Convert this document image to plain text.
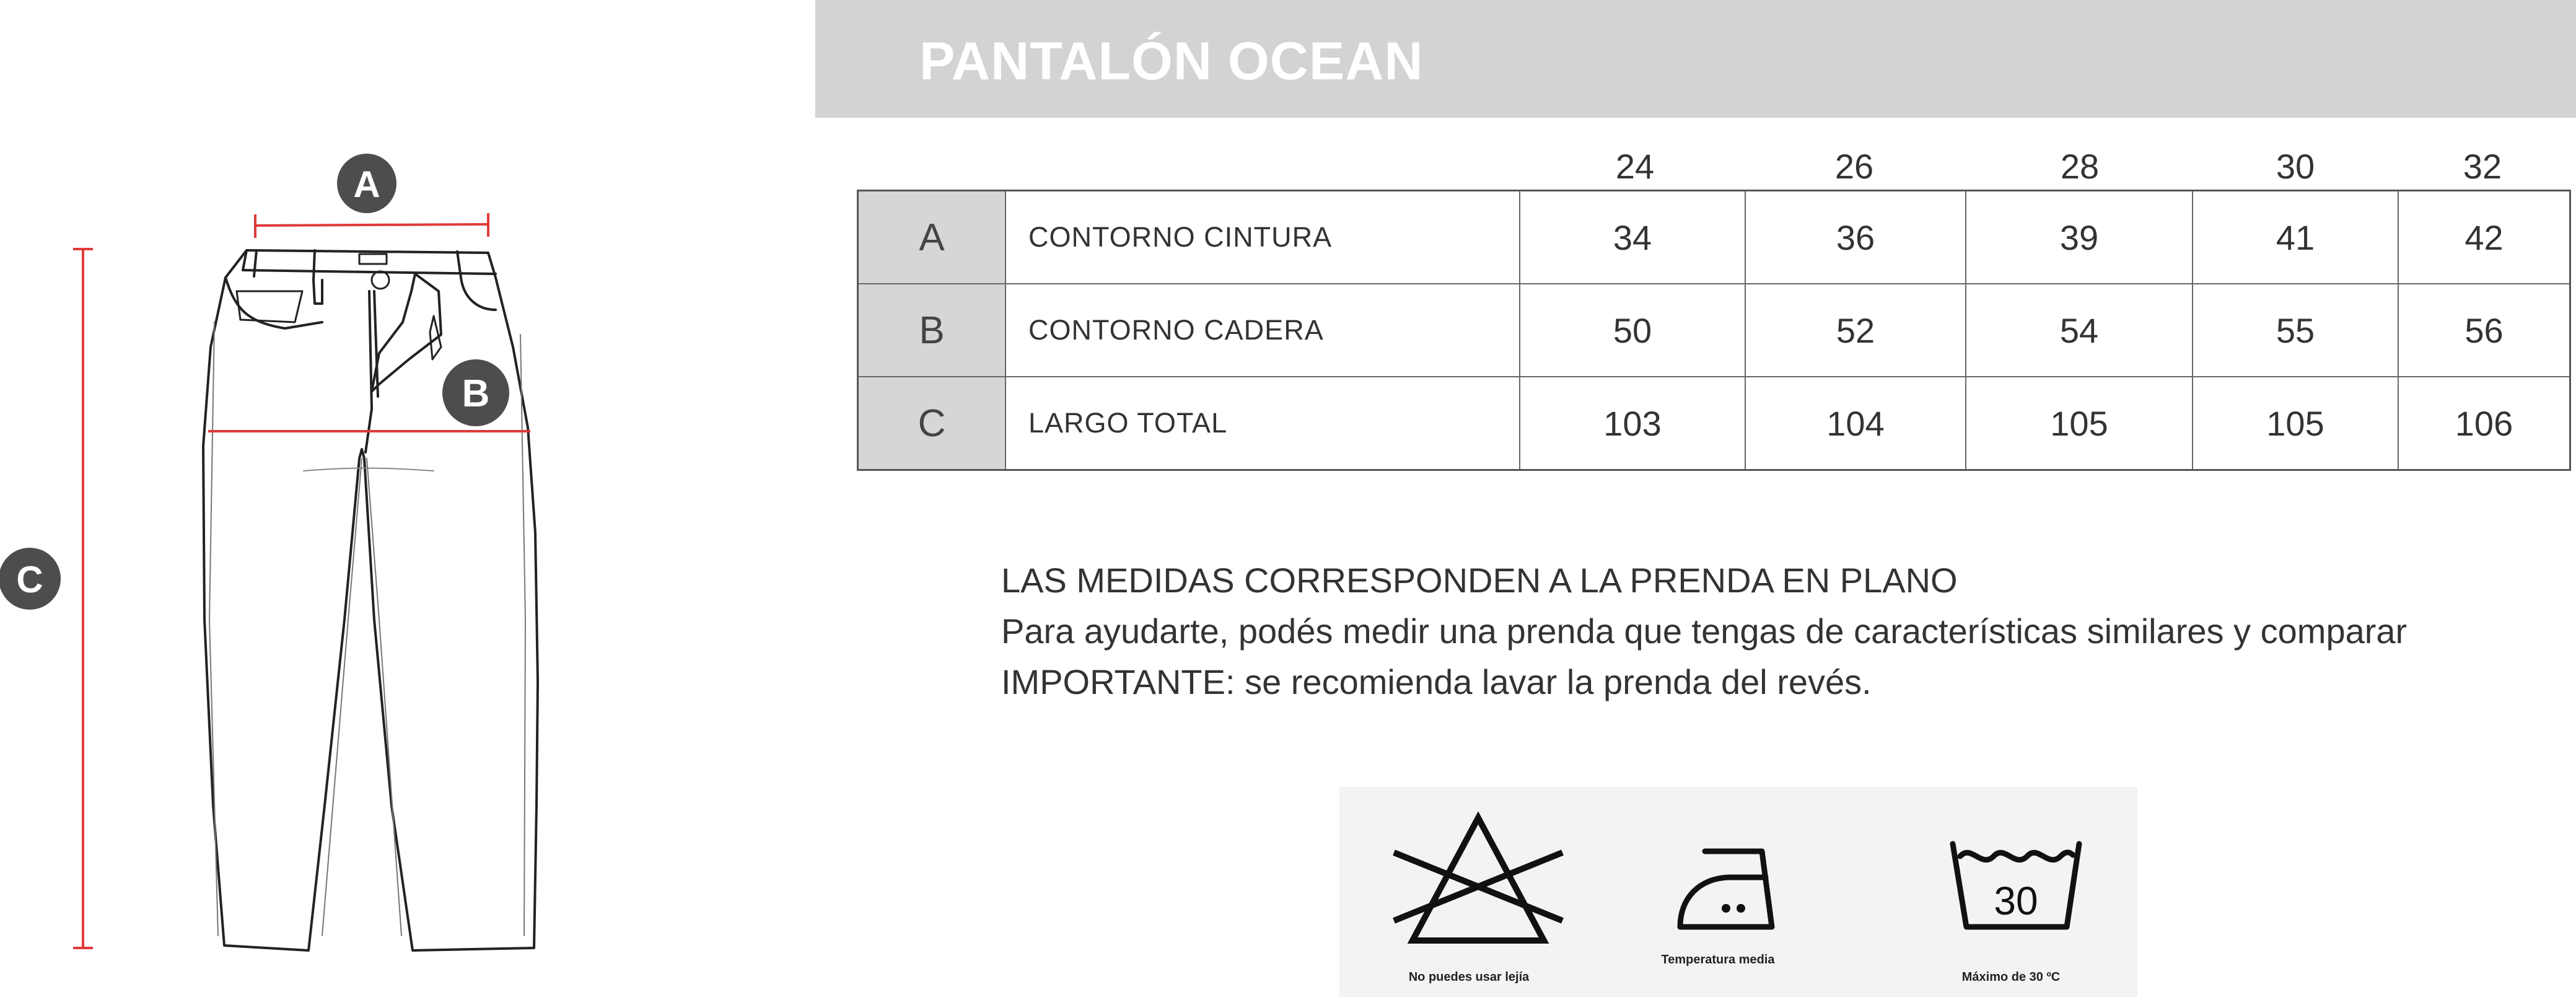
PANTALÓN OCEAN
A
B
C
24	26	28	30	32
A	CONTORNO CINTURA	34	36	39	41	42
B	CONTORNO CADERA	50	52	54	55	56
C	LARGO TOTAL	103	104	105	105	106
LAS MEDIDAS CORRESPONDEN A LA PRENDA EN PLANO
Para ayudarte, podés medir una prenda que tengas de características similares y comparar
IMPORTANTE: se recomienda lavar la prenda del revés.
No puedes usar lejía
Temperatura media
30
Máximo de 30 ºC
